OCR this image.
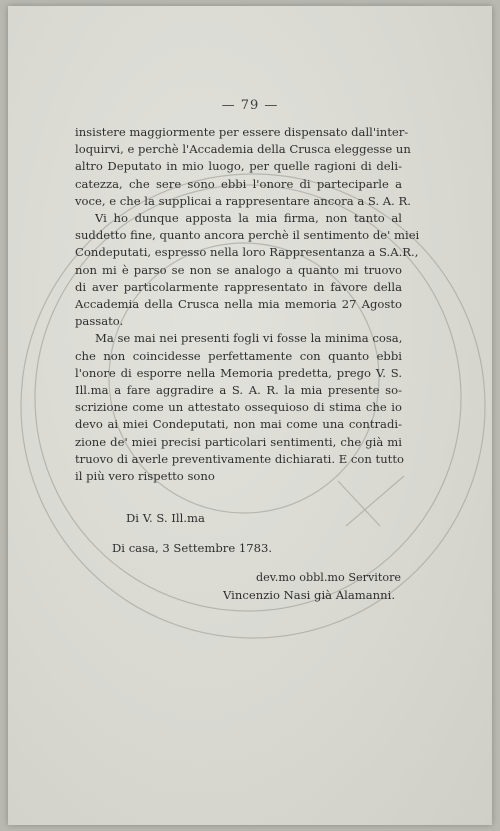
— 79 —

insistere maggiormente per essere dispensato dall'inter-
loquirvi, e perchè l'Accademia della Crusca eleggesse un
altro Deputato in mio luogo, per quelle ragioni di deli-
catezza, che sere sono ebbi l'onore di parteciparle a
voce, e che la supplicai a rappresentare ancora a S. A. R.

Vi ho dunque apposta la mia firma, non tanto al
suddetto fine, quanto ancora perchè il sentimento de' miei
Condeputati, espresso nella loro Rappresentanza a S.A.R.,
non mi è parso se non se analogo a quanto mi truovo
di aver particolarmente rappresentato in favore della
Accademia della Crusca nella mia memoria 27 Agosto
passato.

Ma se mai nei presenti fogli vi fosse la minima cosa,
che non coincidesse perfettamente con quanto ebbi
l'onore di esporre nella Memoria predetta, prego V. S.
Ill.ma a fare aggradire a S. A. R. la mia presente so-
scrizione come un attestato ossequioso di stima che io
devo ai miei Condeputati, non mai come una contradi-
zione de' miei precisi particolari sentimenti, che già mi
truovo di averle preventivamente dichiarati. E con tutto
il più vero rispetto sono

Di V. S. Ill.ma
Di casa, 3 Settembre 1783.
dev.mo obbl.mo Servitore
Vincenzio Nasi già Alamanni.
